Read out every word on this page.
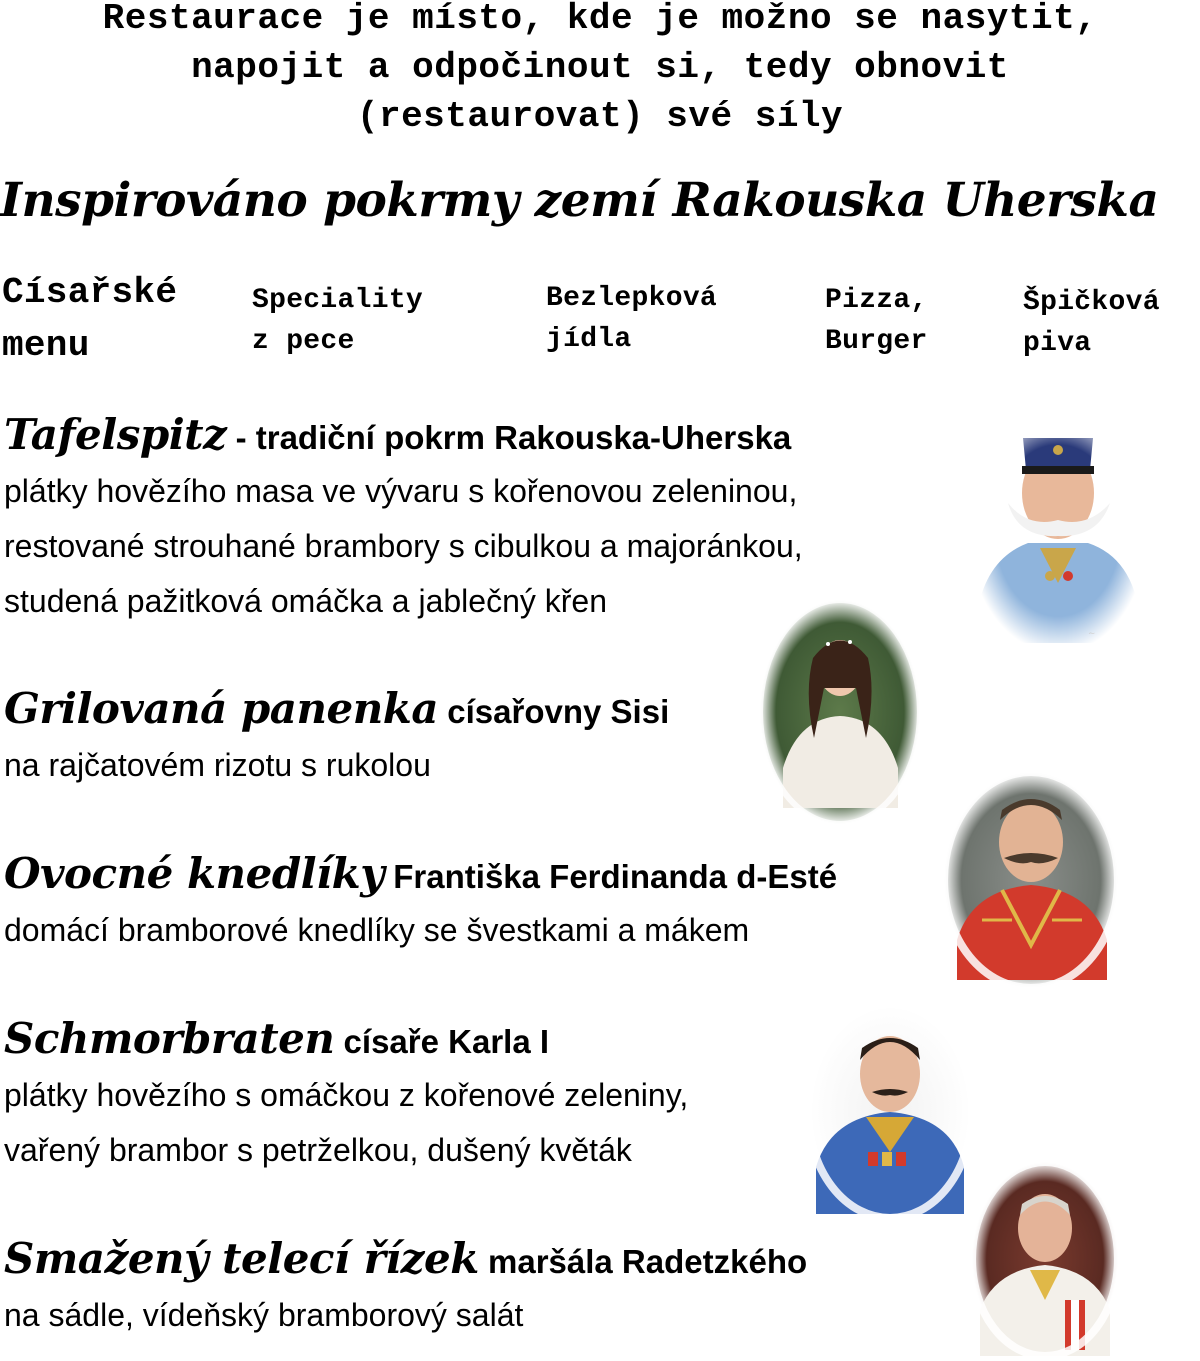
Restaurace je místo, kde je možno se nasytit,
napojit a odpočinout si, tedy obnovit
(restaurovat) své síly
Inspirováno pokrmy zemí Rakouska Uherska
Císařské
menu
Speciality
z pece
Bezlepková
jídla
Pizza,
Burger
Špičková
piva
Tafelspitz - tradiční pokrm Rakouska-Uherska
plátky hovězího masa ve vývaru s kořenovou zeleninou,
restované strouhané brambory s cibulkou a majoránkou,
studená pažitková omáčka a jablečný křen
Grilovaná panenka císařovny Sisi
na rajčatovém rizotu s rukolou
Ovocné knedlíky Františka Ferdinanda d-Esté
domácí bramborové knedlíky se švestkami a mákem
Schmorbraten císaře Karla I
plátky hovězího s omáčkou z kořenové zeleniny,
vařený brambor s petrželkou, dušený květák
Smažený telecí řízek maršála Radetzkého
na sádle, vídeňský bramborový salát
